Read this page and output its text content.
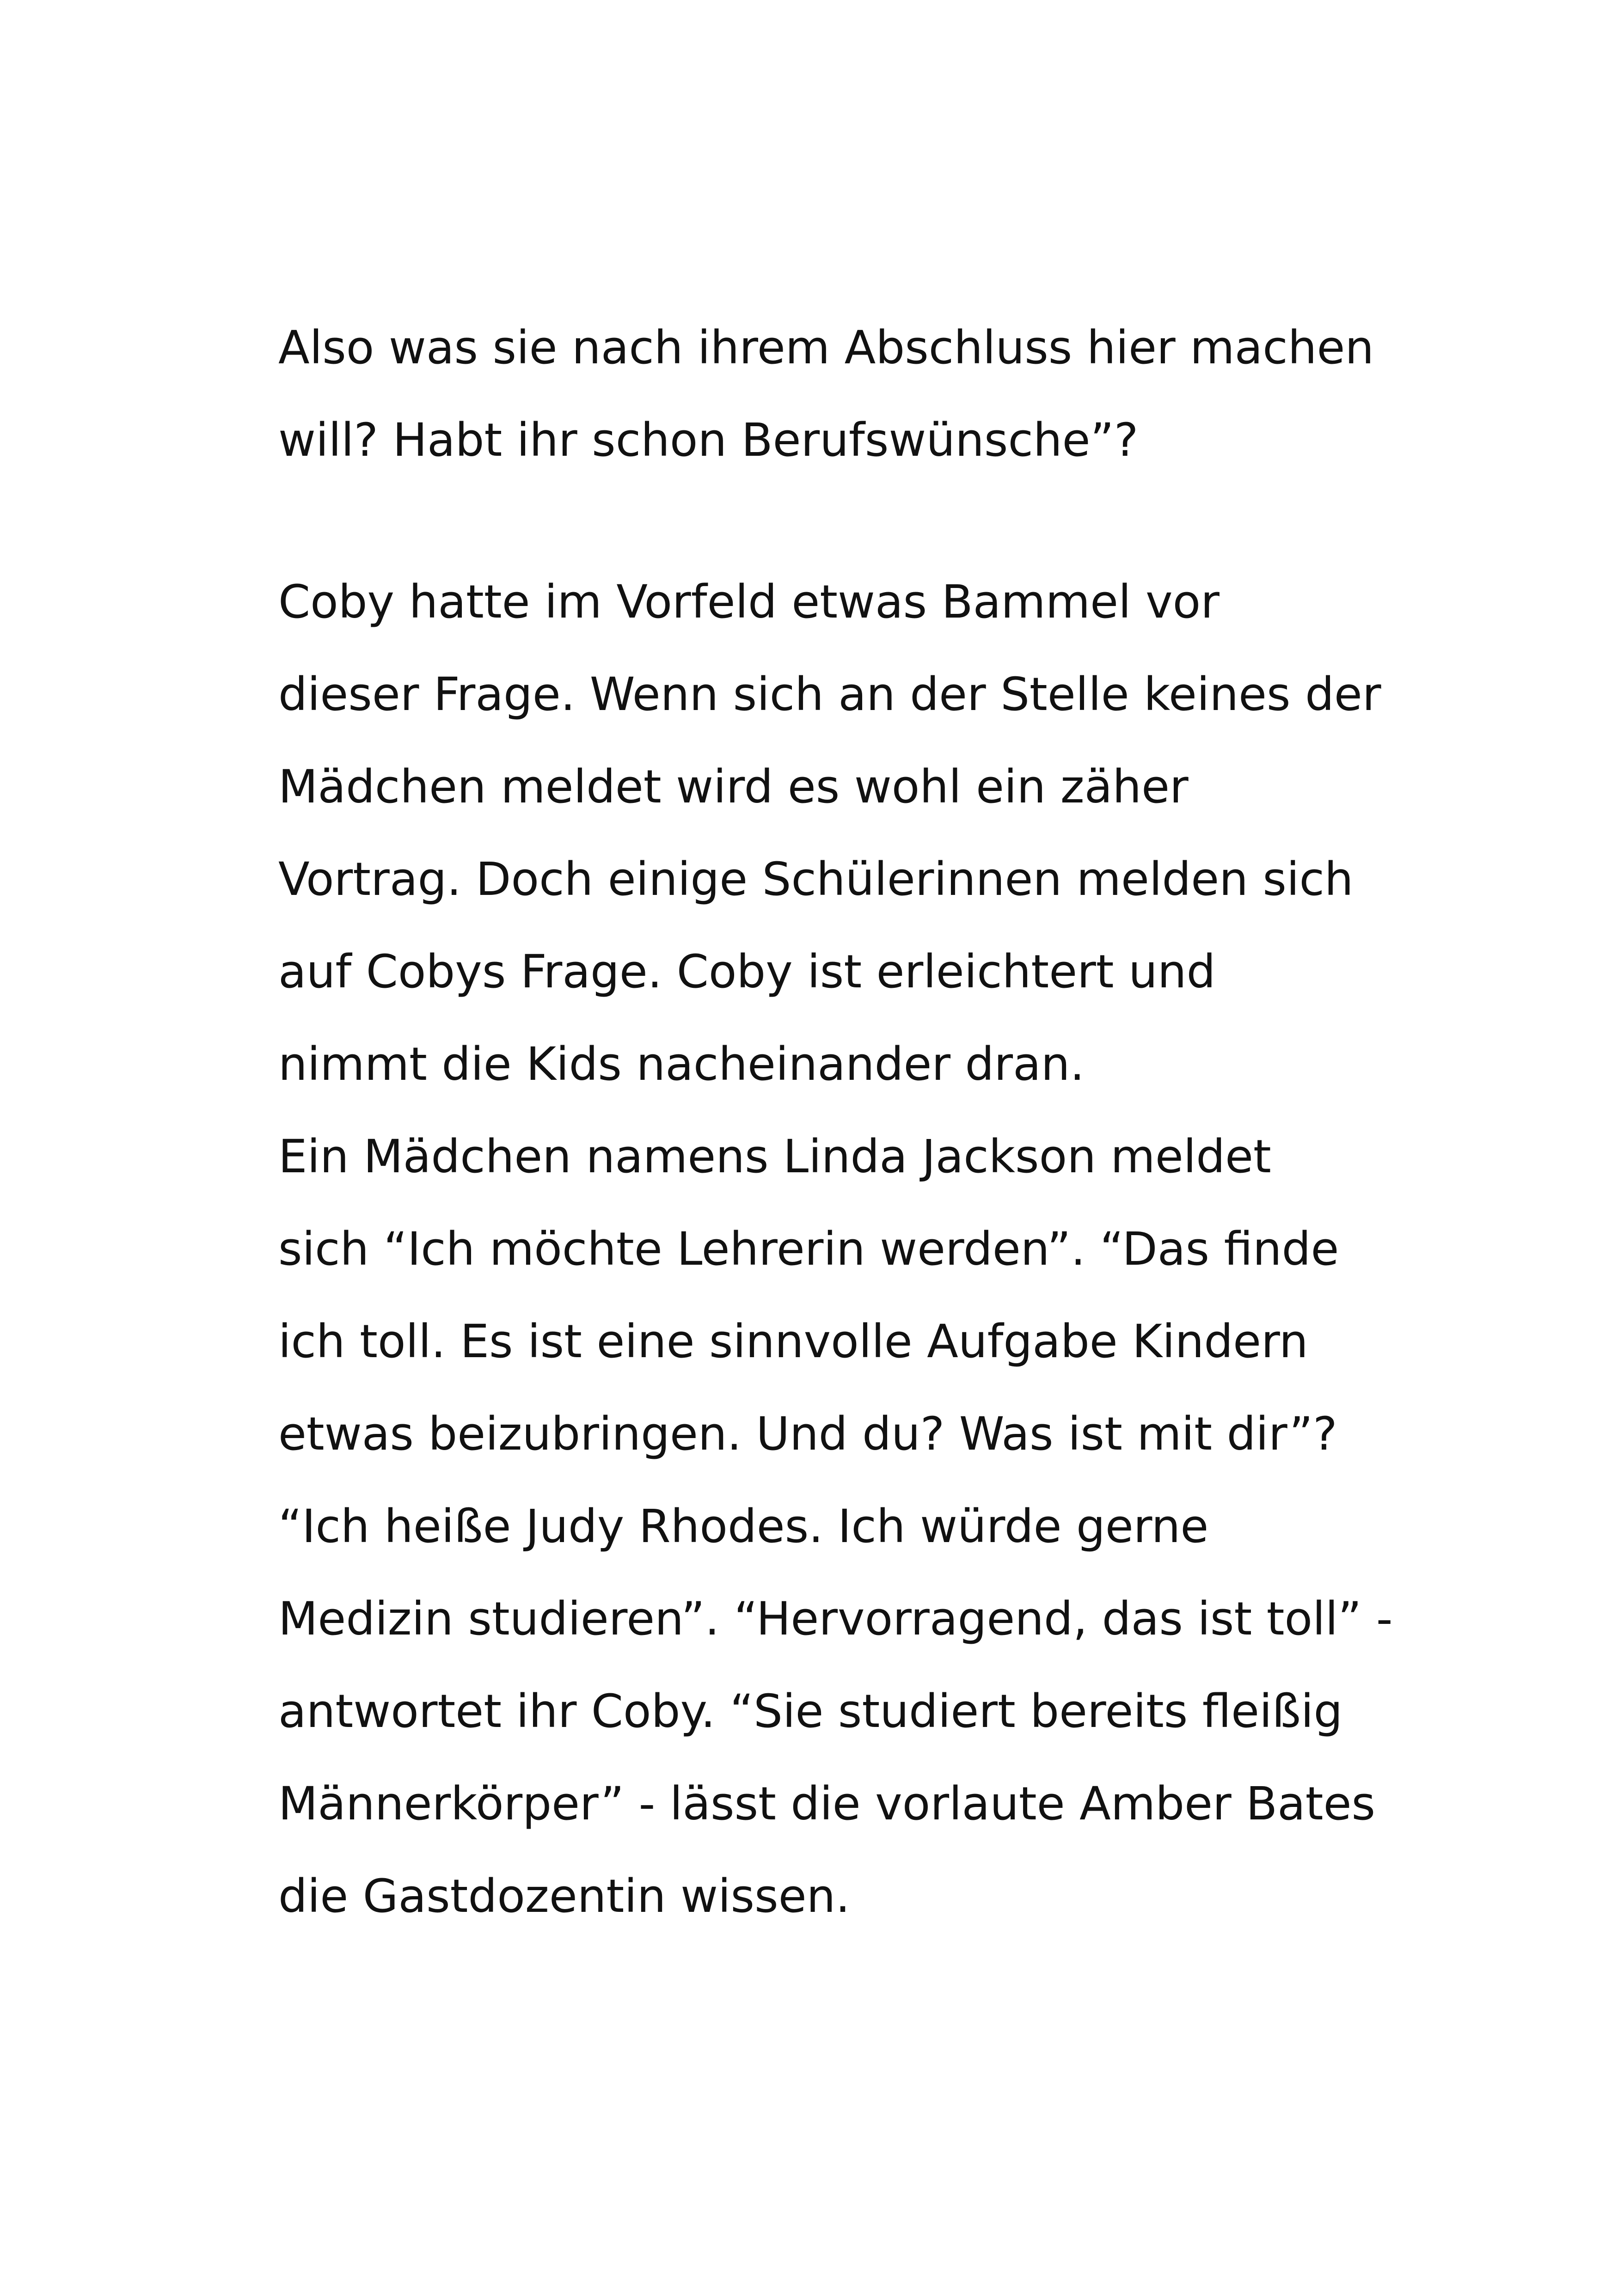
Also was sie nach ihrem Abschluss hier machen
will? Habt ihr schon Berufswünsche”?
Coby hatte im Vorfeld etwas Bammel vor
dieser Frage. Wenn sich an der Stelle keines der
Mädchen meldet wird es wohl ein zäher
Vortrag. Doch einige Schülerinnen melden sich
auf Cobys Frage. Coby ist erleichtert und
nimmt die Kids nacheinander dran.
Ein Mädchen namens Linda Jackson meldet
sich “Ich möchte Lehrerin werden”. “Das finde
ich toll. Es ist eine sinnvolle Aufgabe Kindern
etwas beizubringen. Und du? Was ist mit dir”?
“Ich heiße Judy Rhodes. Ich würde gerne
Medizin studieren”. “Hervorragend, das ist toll” -
antwortet ihr Coby. “Sie studiert bereits fleißig
Männerkörper” - lässt die vorlaute Amber Bates
die Gastdozentin wissen.
